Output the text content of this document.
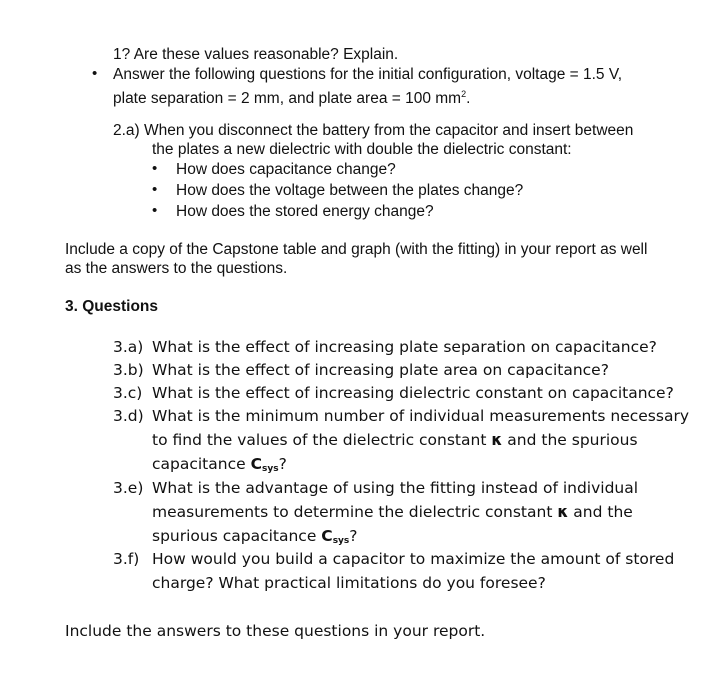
1? Are these values reasonable? Explain.
• Answer the following questions for the initial configuration, voltage = 1.5 V,
plate separation = 2 mm, and plate area = 100 $mm^2$.
2.a) When you disconnect the battery from the capacitor and insert between
the plates a new dielectric with double the dielectric constant:
• How does capacitance change?
• How does the voltage between the plates change?
• How does the stored energy change?
Include a copy of the Capstone table and graph (with the fitting) in your report as well
as the answers to the questions.
3. Questions
3.a) What is the effect of increasing plate separation on capacitance?
3.b) What is the effect of increasing plate area on capacitance?
3.c) What is the effect of increasing dielectric constant on capacitance?
3.d) What is the minimum number of individual measurements necessary
to find the values of the dielectric constant κ and the spurious
capacitance $C_{sys}$?
3.e) What is the advantage of using the fitting instead of individual
measurements to determine the dielectric constant κ and the
spurious capacitance $C_{sys}$?
3.f) How would you build a capacitor to maximize the amount of stored
charge? What practical limitations do you foresee?
Include the answers to these questions in your report.
